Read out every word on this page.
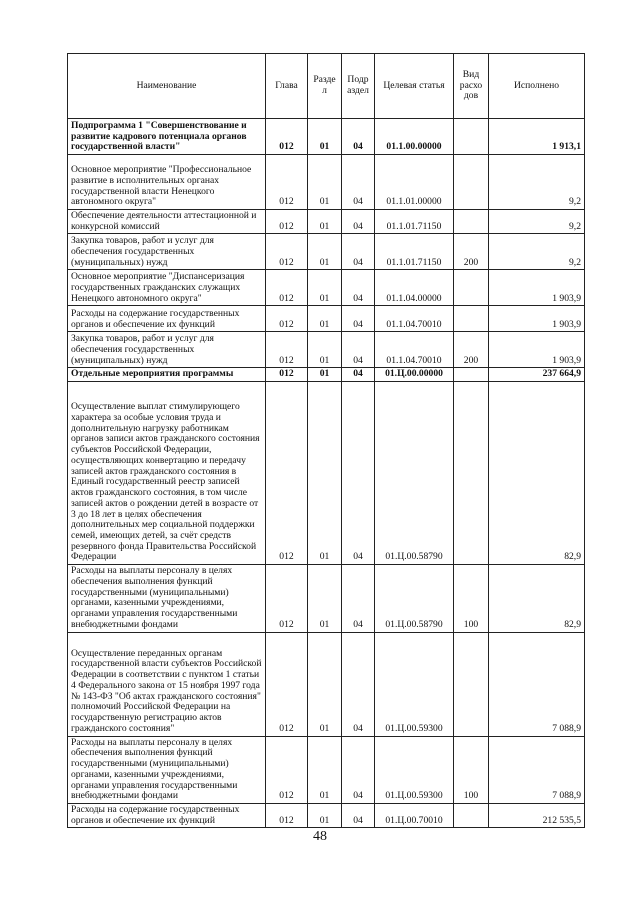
Наименование	Глава	Разде л	Подр аздел	Целевая статья	Вид расхо дов	Исполнено
Подпрограмма 1 "Совершенствование и развитие кадрового потенциала органов государственной власти"	012	01	04	01.1.00.00000		1 913,1
Основное мероприятие "Профессиональное развитие в исполнительных органах государственной власти Ненецкого автономного округа"	012	01	04	01.1.01.00000		9,2
Обеспечение деятельности аттестационной и конкурсной комиссий	012	01	04	01.1.01.71150		9,2
Закупка товаров, работ и услуг для обеспечения государственных (муниципальных) нужд	012	01	04	01.1.01.71150	200	9,2
Основное мероприятие "Диспансеризация государственных гражданских служащих Ненецкого автономного округа"	012	01	04	01.1.04.00000		1 903,9
Расходы на содержание государственных органов и обеспечение их функций	012	01	04	01.1.04.70010		1 903,9
Закупка товаров, работ и услуг для обеспечения государственных (муниципальных) нужд	012	01	04	01.1.04.70010	200	1 903,9
Отдельные мероприятия программы	012	01	04	01.Ц.00.00000		237 664,9
Осуществление выплат стимулирующего характера за особые условия труда и дополнительную нагрузку работникам органов записи актов гражданского состояния субъектов Российской Федерации, осуществляющих конвертацию и передачу записей актов гражданского состояния в Единый государственный реестр записей актов гражданского состояния, в том числе записей актов о рождении детей в возрасте от 3 до 18 лет в целях обеспечения дополнительных мер социальной поддержки семей, имеющих детей, за счёт средств резервного фонда Правительства Российской Федерации	012	01	04	01.Ц.00.58790		82,9
Расходы на выплаты персоналу в целях обеспечения выполнения функций государственными (муниципальными) органами, казенными учреждениями, органами управления государственными внебюджетными фондами	012	01	04	01.Ц.00.58790	100	82,9
Осуществление переданных органам государственной власти субъектов Российской Федерации в соответствии с пунктом 1 статьи 4 Федерального закона от 15 ноября 1997 года № 143-ФЗ "Об актах гражданского состояния" полномочий Российской Федерации на государственную регистрацию актов гражданского состояния"	012	01	04	01.Ц.00.59300		7 088,9
Расходы на выплаты персоналу в целях обеспечения выполнения функций государственными (муниципальными) органами, казенными учреждениями, органами управления государственными внебюджетными фондами	012	01	04	01.Ц.00.59300	100	7 088,9
Расходы на содержание государственных органов и обеспечение их функций	012	01	04	01.Ц.00.70010		212 535,5
48
